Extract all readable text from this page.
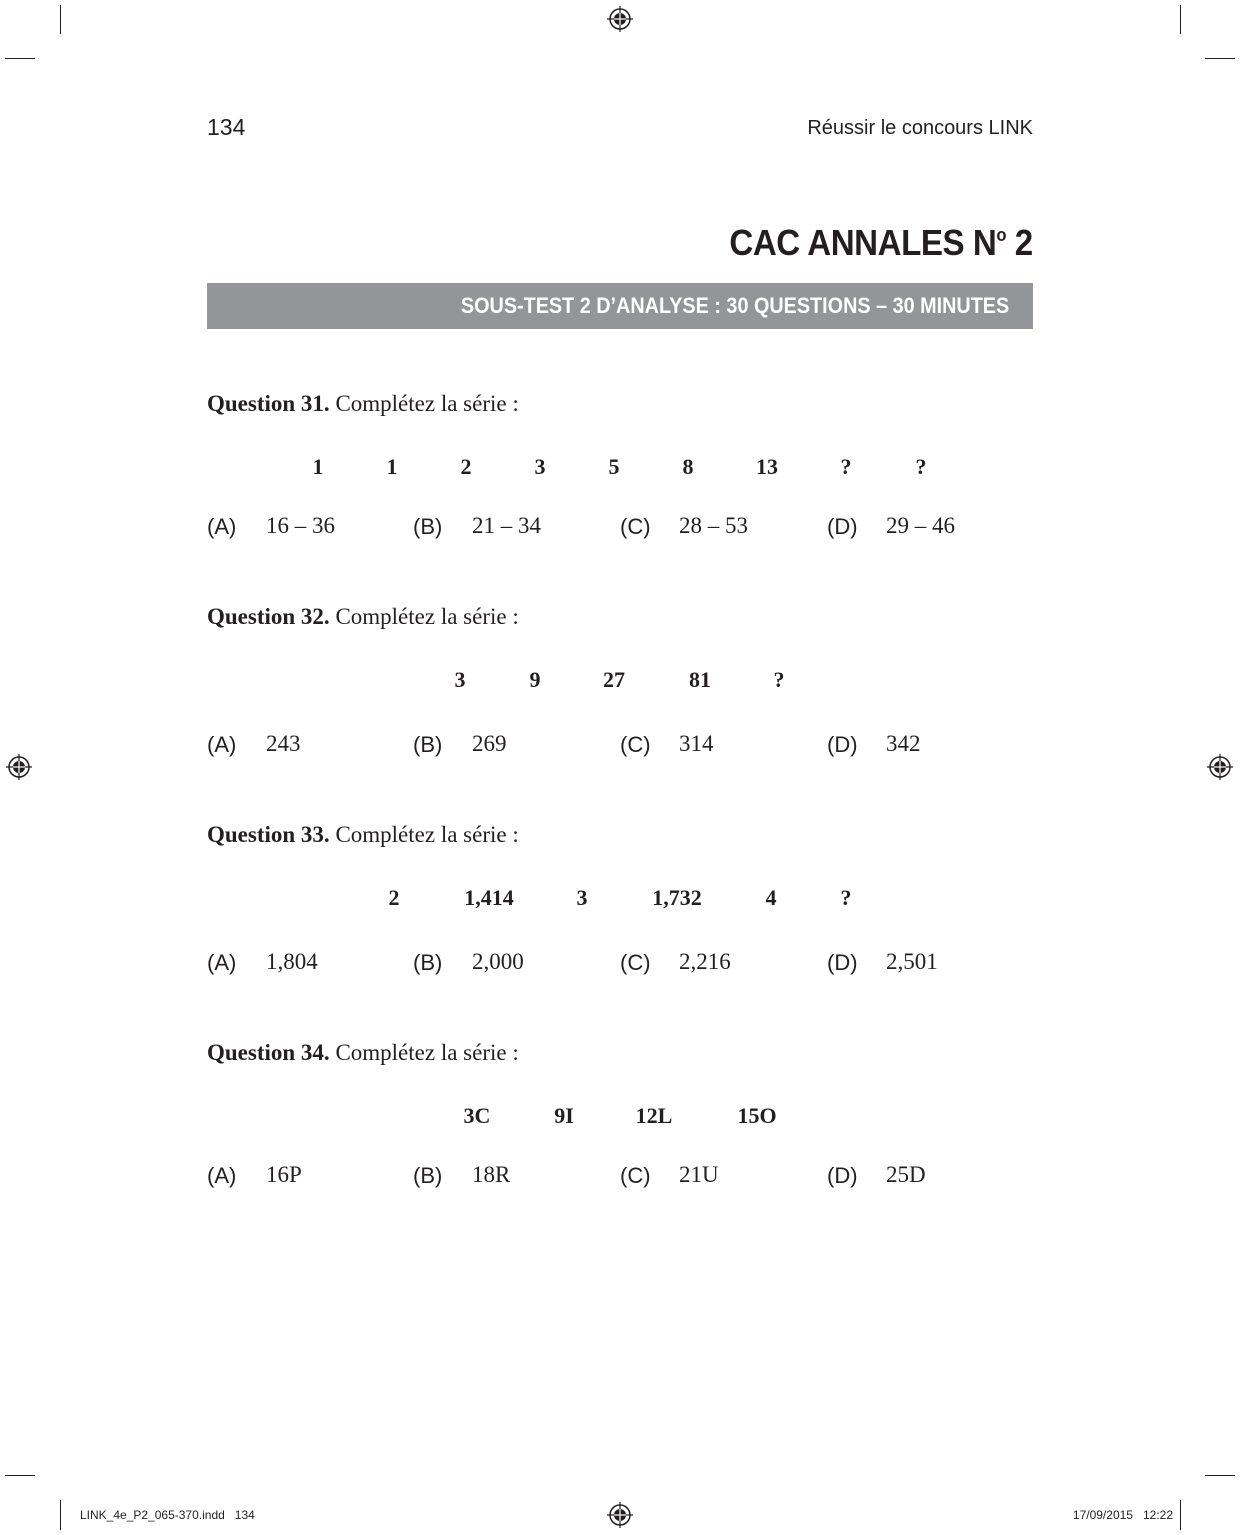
134	Réussir le concours LINK
CAC ANNALES $N^o$ 2
SOUS-TEST 2 D’ANALYSE : 30 QUESTIONS – 30 MINUTES
Question 31. Complétez la série :
1	1	2	3	5	8	13	?	?
(A) 16 – 36	(B) 21 – 34	(C) 28 – 53	(D) 29 – 46
Question 32. Complétez la série :
3	9	27	81	?
(A) 243	(B) 269	(C) 314	(D) 342
Question 33. Complétez la série :
2	1,414	3	1,732	4	?
(A) 1,804	(B) 2,000	(C) 2,216	(D) 2,501
Question 34. Complétez la série :
3C	9I	12L	15O
(A) 16P	(B) 18R	(C) 21U	(D) 25D
LINK_4e_P2_065-370.indd   134	17/09/2015   12:22
